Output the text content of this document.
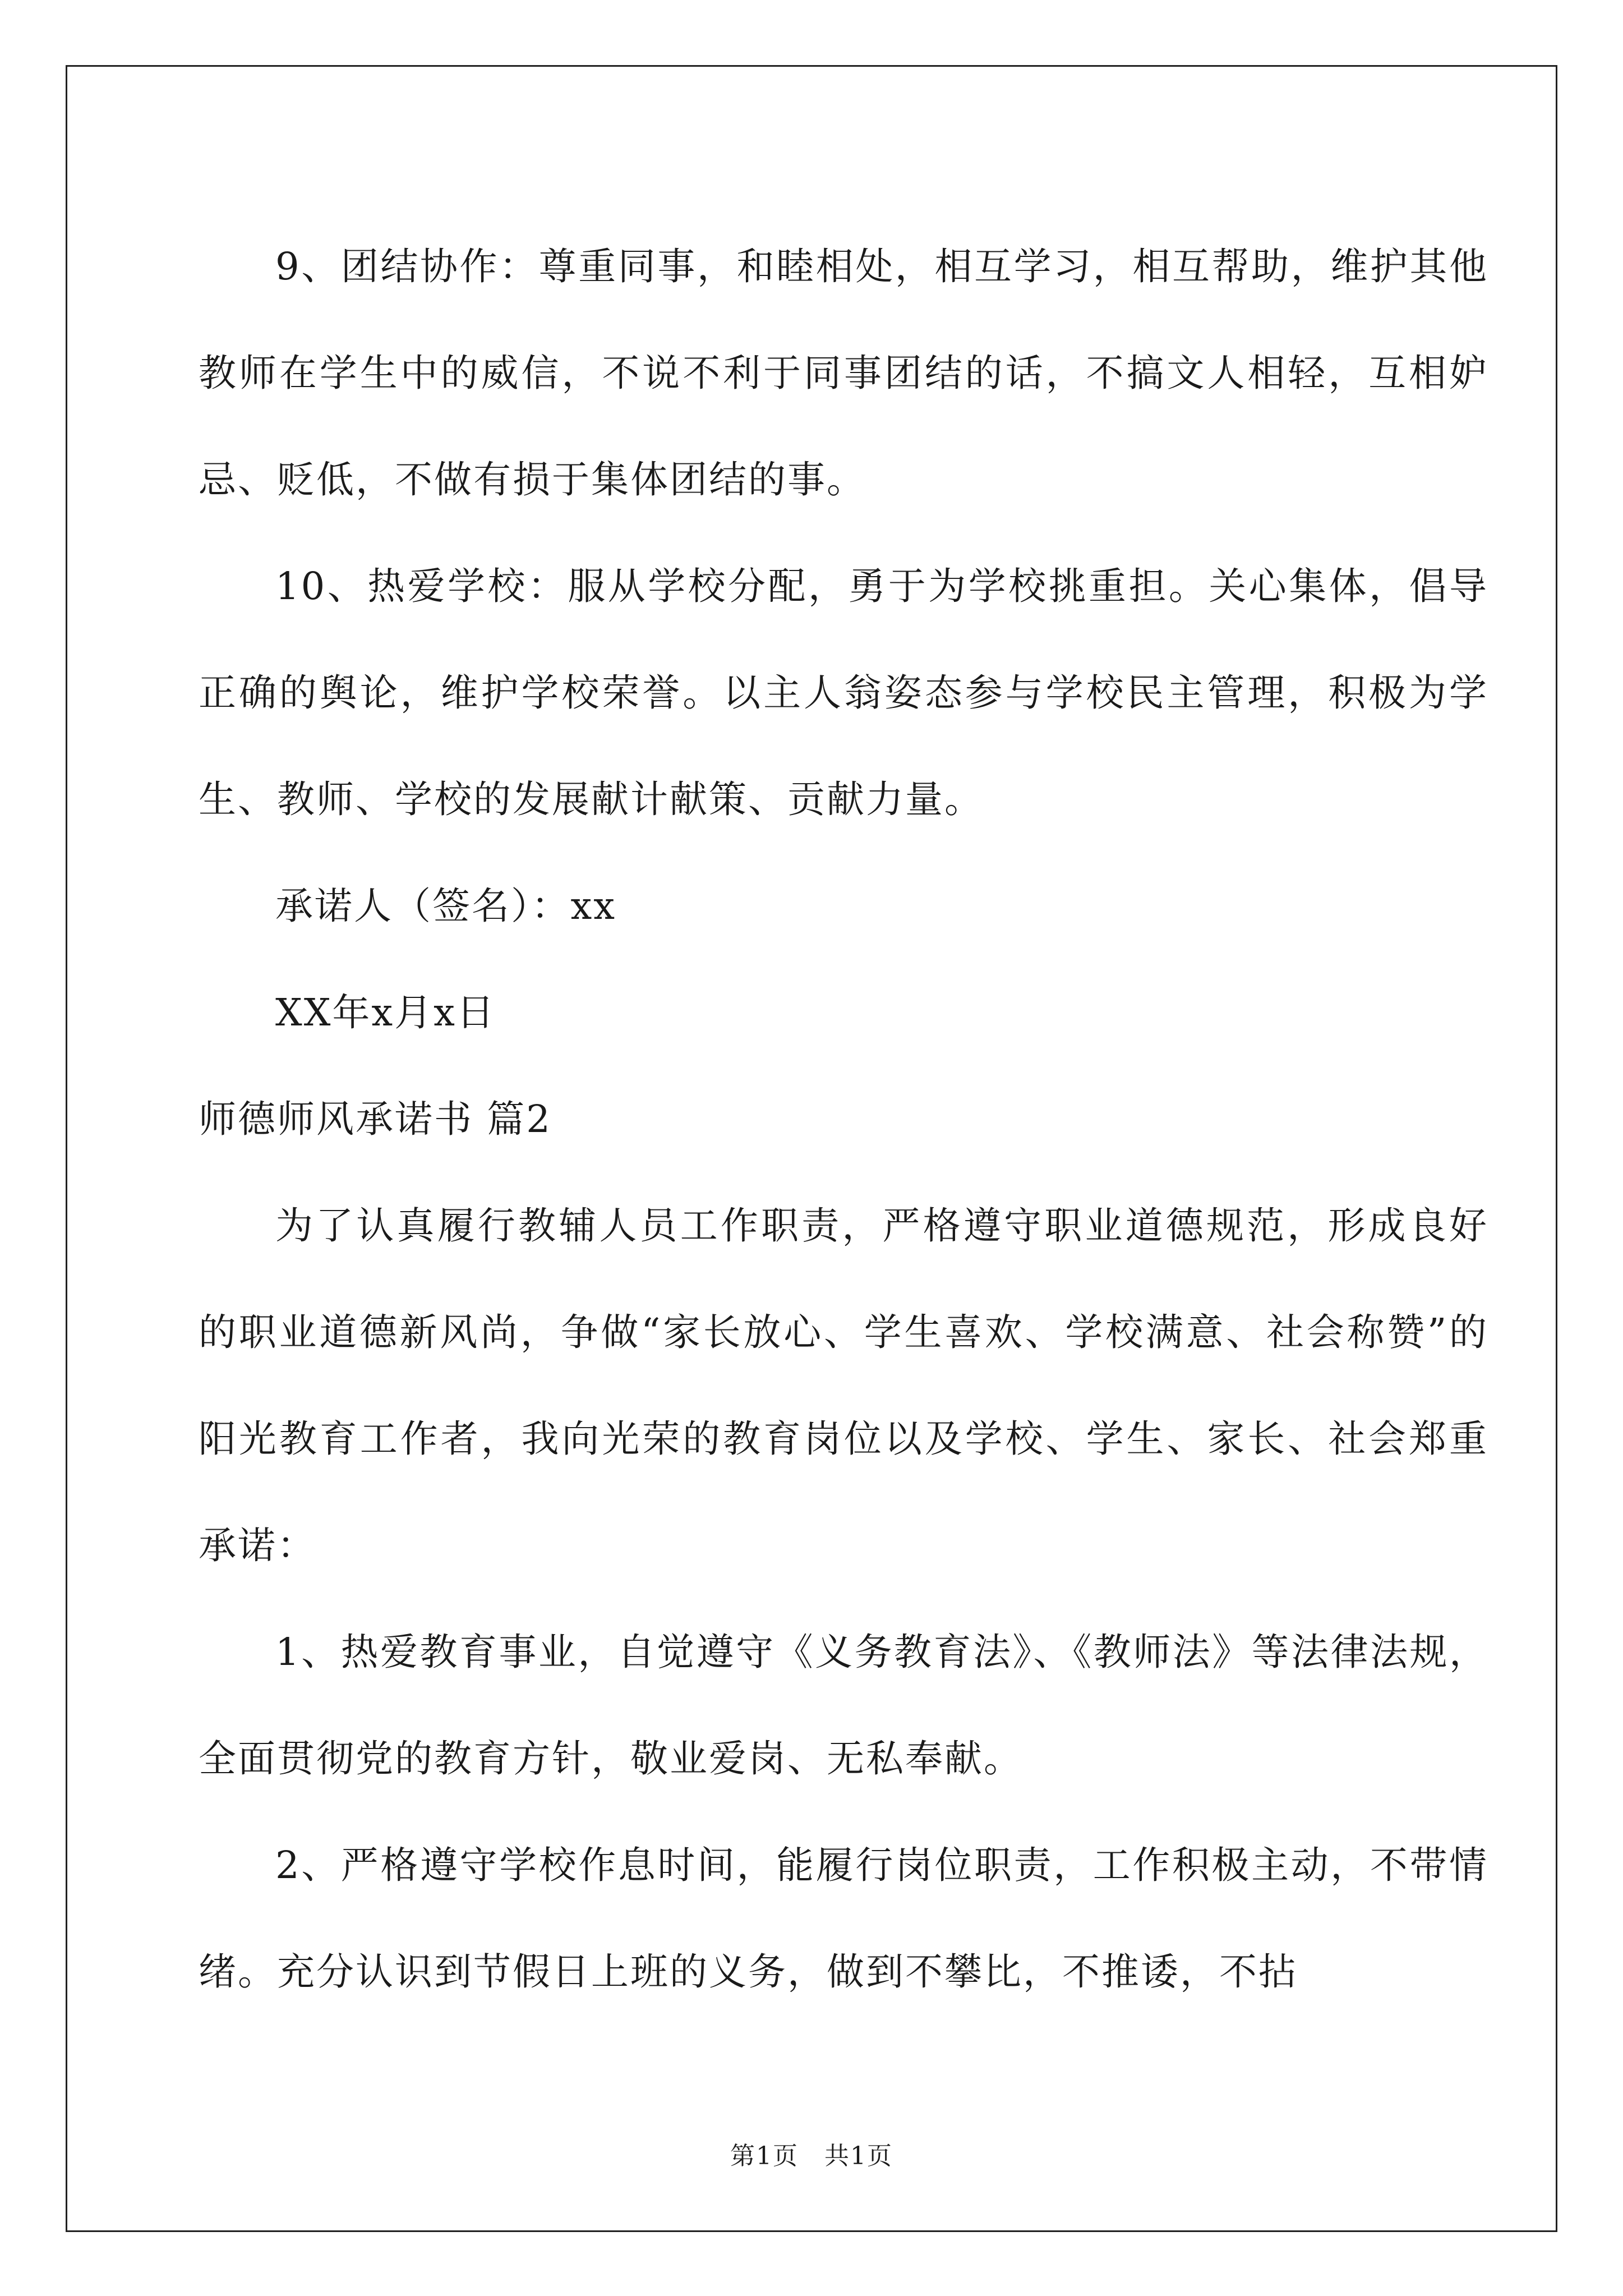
9、团结协作：尊重同事，和睦相处，相互学习，相互帮助，维护其他教师在学生中的威信，不说不利于同事团结的话，不搞文人相轻，互相妒忌、贬低，不做有损于集体团结的事。

10、热爱学校：服从学校分配，勇于为学校挑重担。关心集体，倡导正确的舆论，维护学校荣誉。以主人翁姿态参与学校民主管理，积极为学生、教师、学校的发展献计献策、贡献力量。

承诺人（签名）：xx

XX年x月x日

师德师风承诺书 篇2

为了认真履行教辅人员工作职责，严格遵守职业道德规范，形成良好的职业道德新风尚，争做“家长放心、学生喜欢、学校满意、社会称赞”的阳光教育工作者，我向光荣的教育岗位以及学校、学生、家长、社会郑重承诺：

1、热爱教育事业，自觉遵守《义务教育法》、《教师法》等法律法规，全面贯彻党的教育方针，敬业爱岗、无私奉献。

2、严格遵守学校作息时间，能履行岗位职责，工作积极主动，不带情绪。充分认识到节假日上班的义务，做到不攀比，不推诿，不拈

第1页　共1页
